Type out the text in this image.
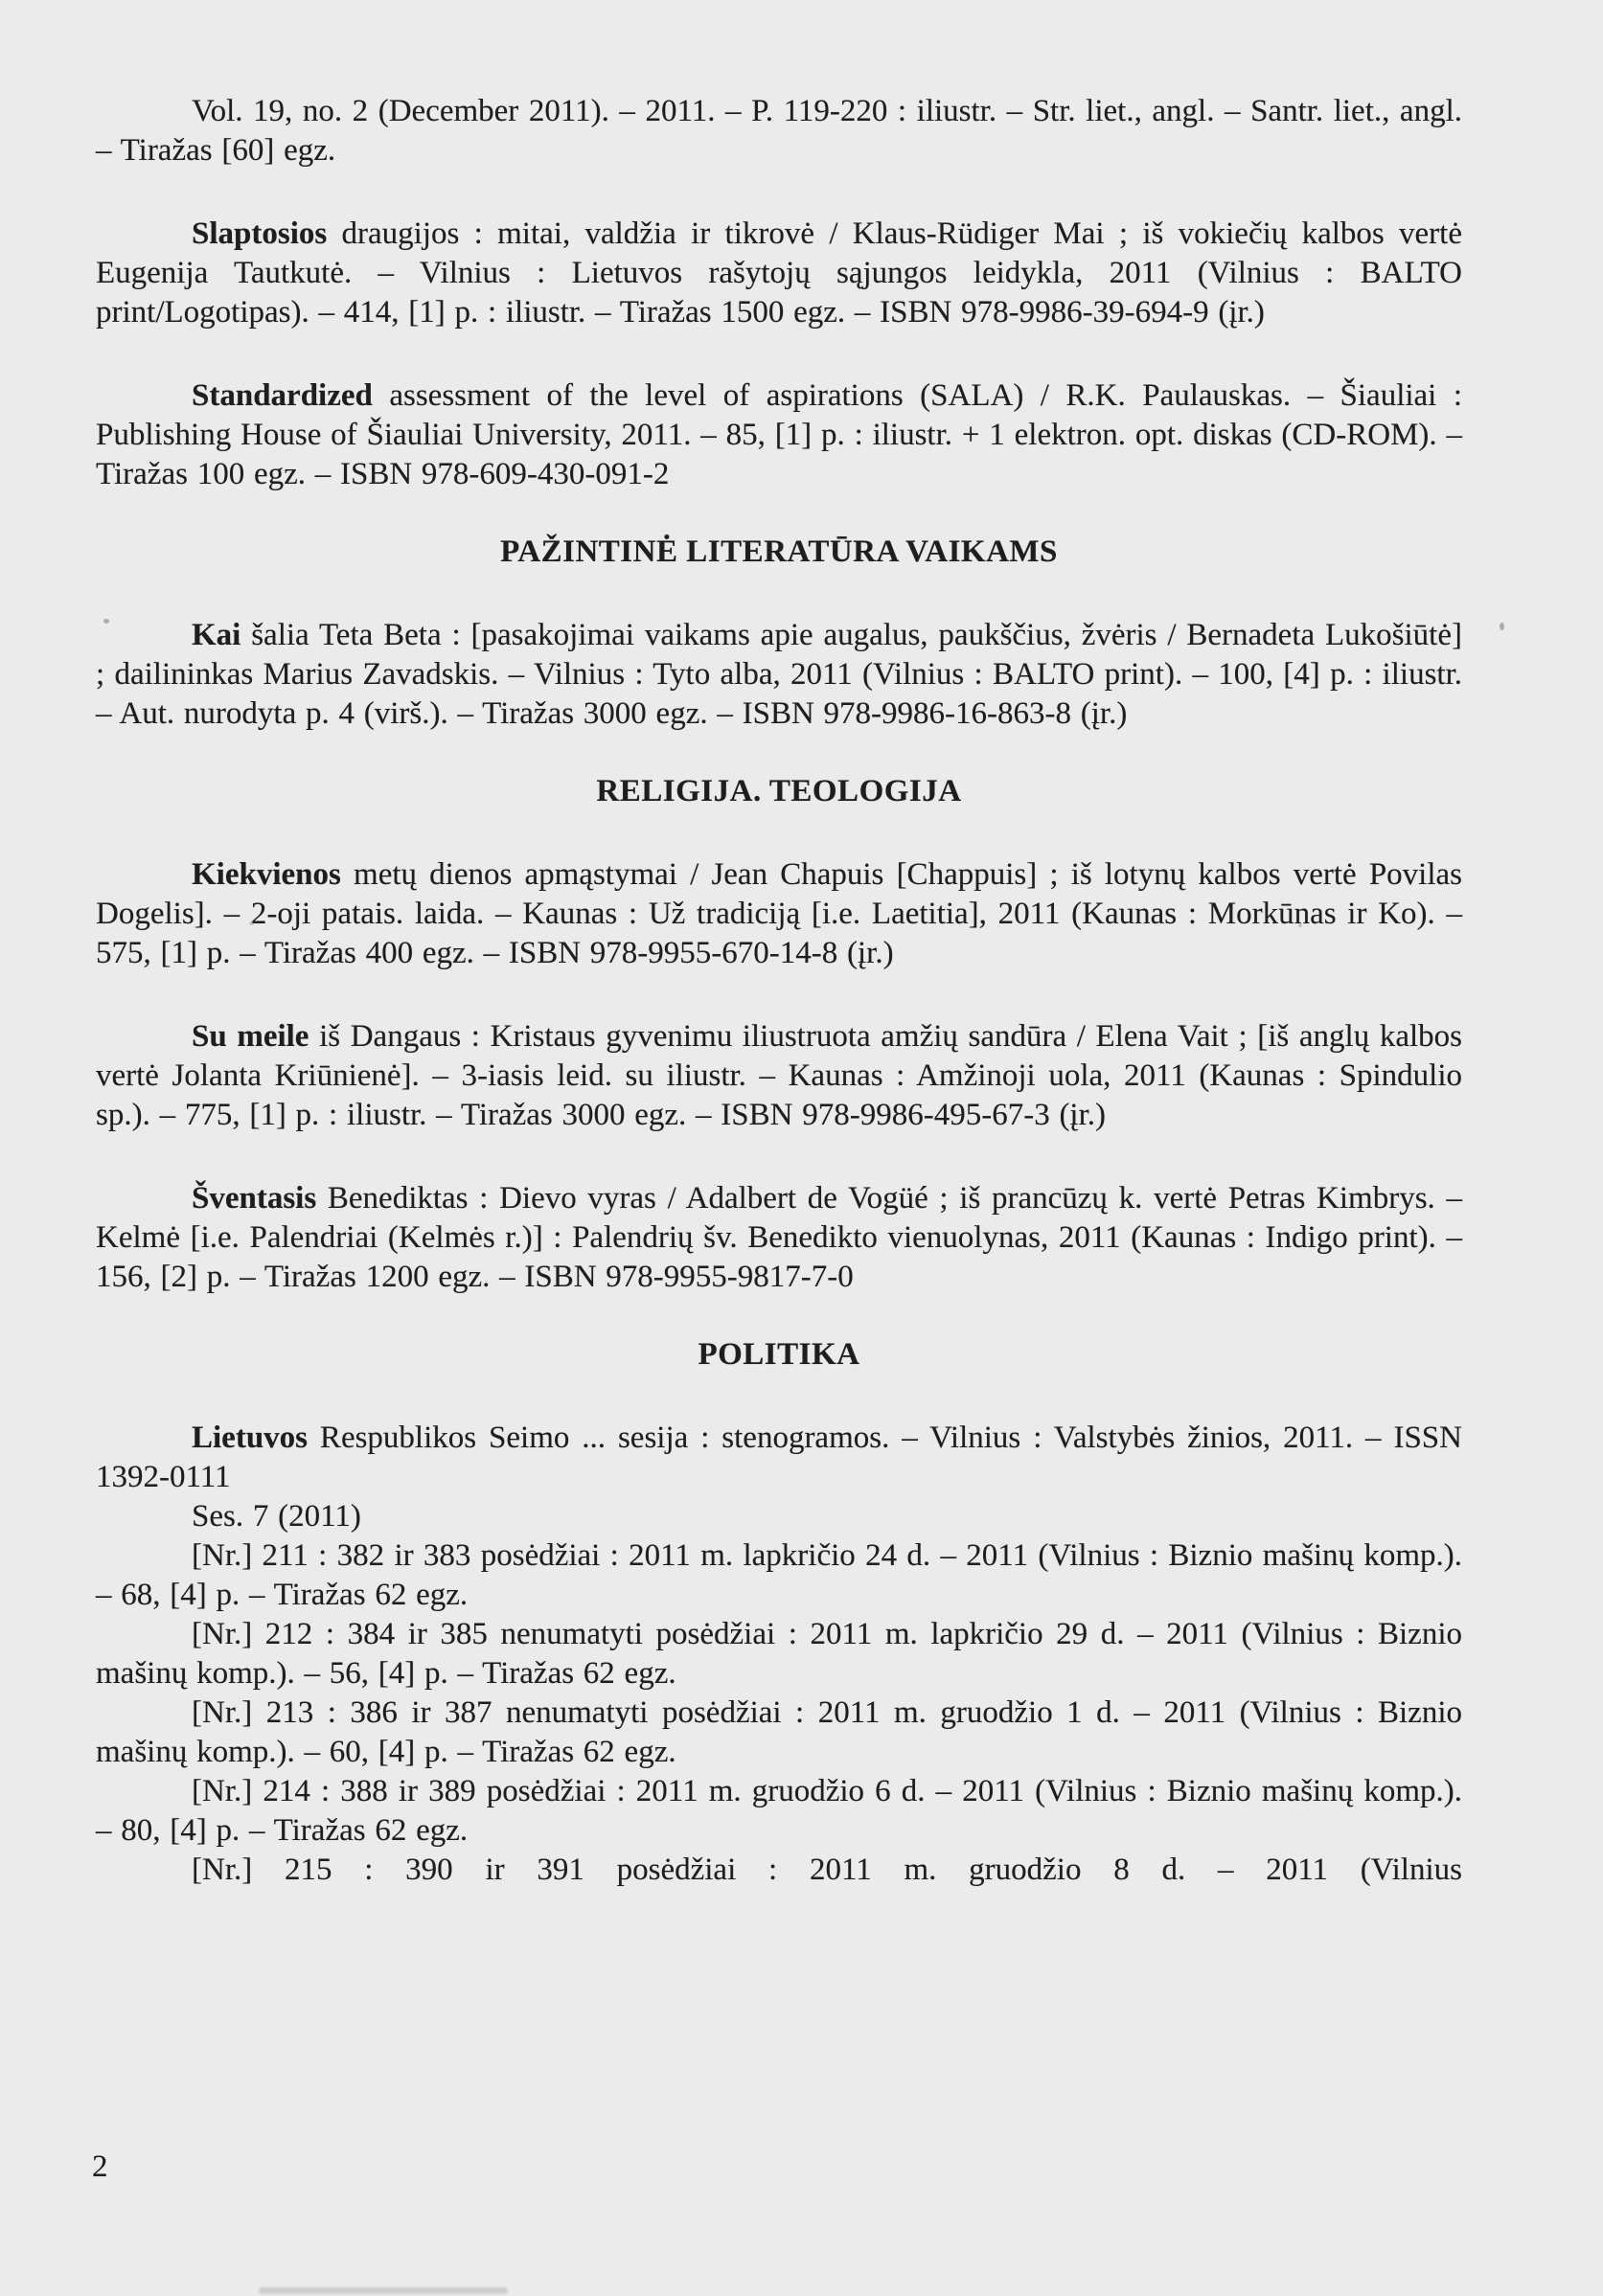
Vol. 19, no. 2 (December 2011). – 2011. – P. 119-220 : iliustr. – Str. liet., angl. – Santr. liet., angl. – Tiražas [60] egz.

Slaptosios draugijos : mitai, valdžia ir tikrovė / Klaus-Rüdiger Mai ; iš vokiečių kalbos vertė Eugenija Tautkutė. – Vilnius : Lietuvos rašytojų sąjungos leidykla, 2011 (Vilnius : BALTO print/Logotipas). – 414, [1] p. : iliustr. – Tiražas 1500 egz. – ISBN 978-9986-39-694-9 (įr.)

Standardized assessment of the level of aspirations (SALA) / R.K. Paulauskas. – Šiauliai : Publishing House of Šiauliai University, 2011. – 85, [1] p. : iliustr. + 1 elektron. opt. diskas (CD-ROM). – Tiražas 100 egz. – ISBN 978-609-430-091-2

PAŽINTINĖ LITERATŪRA VAIKAMS

Kai šalia Teta Beta : [pasakojimai vaikams apie augalus, paukščius, žvėris / Bernadeta Lukošiūtė] ; dailininkas Marius Zavadskis. – Vilnius : Tyto alba, 2011 (Vilnius : BALTO print). – 100, [4] p. : iliustr. – Aut. nurodyta p. 4 (virš.). – Tiražas 3000 egz. – ISBN 978-9986-16-863-8 (įr.)

RELIGIJA. TEOLOGIJA

Kiekvienos metų dienos apmąstymai / Jean Chapuis [Chappuis] ; iš lotynų kalbos vertė Povilas Dogelis]. – 2-oji patais. laida. – Kaunas : Už tradiciją [i.e. Laetitia], 2011 (Kaunas : Morkūnas ir Ko). – 575, [1] p. – Tiražas 400 egz. – ISBN 978-9955-670-14-8 (įr.)

Su meile iš Dangaus : Kristaus gyvenimu iliustruota amžių sandūra / Elena Vait ; [iš anglų kalbos vertė Jolanta Kriūnienė]. – 3-iasis leid. su iliustr. – Kaunas : Amžinoji uola, 2011 (Kaunas : Spindulio sp.). – 775, [1] p. : iliustr. – Tiražas 3000 egz. – ISBN 978-9986-495-67-3 (įr.)

Šventasis Benediktas : Dievo vyras / Adalbert de Vogüé ; iš prancūzų k. vertė Petras Kimbrys. – Kelmė [i.e. Palendriai (Kelmės r.)] : Palendrių šv. Benedikto vienuolynas, 2011 (Kaunas : Indigo print). – 156, [2] p. – Tiražas 1200 egz. – ISBN 978-9955-9817-7-0

POLITIKA

Lietuvos Respublikos Seimo ... sesija : stenogramos. – Vilnius : Valstybės žinios, 2011. – ISSN 1392-0111

Ses. 7 (2011)

[Nr.] 211 : 382 ir 383 posėdžiai : 2011 m. lapkričio 24 d. – 2011 (Vilnius : Biznio mašinų komp.). – 68, [4] p. – Tiražas 62 egz.

[Nr.] 212 : 384 ir 385 nenumatyti posėdžiai : 2011 m. lapkričio 29 d. – 2011 (Vilnius : Biznio mašinų komp.). – 56, [4] p. – Tiražas 62 egz.

[Nr.] 213 : 386 ir 387 nenumatyti posėdžiai : 2011 m. gruodžio 1 d. – 2011 (Vilnius : Biznio mašinų komp.). – 60, [4] p. – Tiražas 62 egz.

[Nr.] 214 : 388 ir 389 posėdžiai : 2011 m. gruodžio 6 d. – 2011 (Vilnius : Biznio mašinų komp.). – 80, [4] p. – Tiražas 62 egz.

[Nr.] 215 : 390 ir 391 posėdžiai : 2011 m. gruodžio 8 d. – 2011 (Vilnius

2
